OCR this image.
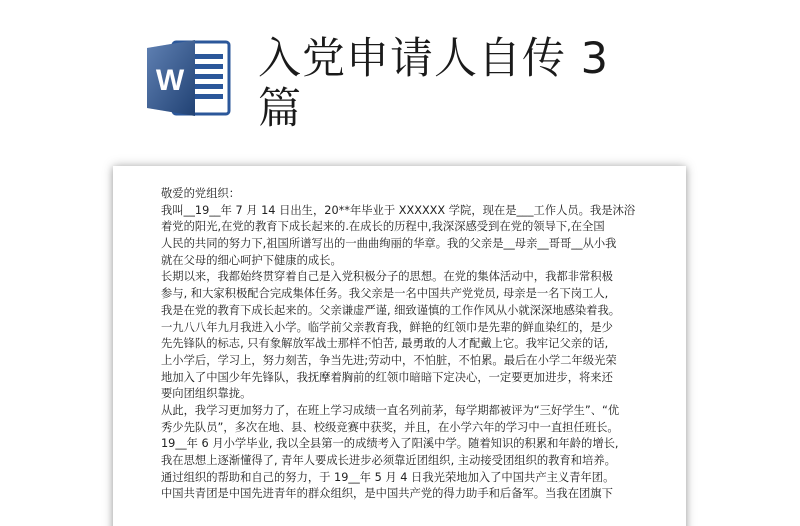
W 入党申请人自传 3
篇
敬爱的党组织：
我叫__19__年 7 月 14 日出生，20**年毕业于 XXXXXX 学院，现在是___工作人员。我是沐浴
着党的阳光,在党的教育下成长起来的.在成长的历程中,我深深感受到在党的领导下,在全国
人民的共同的努力下,祖国所谱写出的一曲曲绚丽的华章。我的父亲是__母亲__哥哥__从小我
就在父母的细心呵护下健康的成长。
长期以来，我都始终贯穿着自己是入党积极分子的思想。在党的集体活动中，我都非常积极
参与, 和大家积极配合完成集体任务。我父亲是一名中国共产党党员, 母亲是一名下岗工人,
我是在党的教育下成长起来的。父亲谦虚严谨, 细致谨慎的工作作风从小就深深地感染着我。
一九八八年九月我进入小学。临学前父亲教育我，鲜艳的红领巾是先辈的鲜血染红的，是少
先先锋队的标志, 只有象解放军战士那样不怕苦, 最勇敢的人才配戴上它。我牢记父亲的话,
上小学后，学习上，努力刻苦，争当先进;劳动中，不怕脏，不怕累。最后在小学二年级光荣
地加入了中国少年先锋队，我抚摩着胸前的红领巾暗暗下定决心，一定要更加进步，将来还
要向团组织靠拢。
从此，我学习更加努力了，在班上学习成绩一直名列前茅，每学期都被评为“三好学生”、“优
秀少先队员”，多次在地、县、校级竞赛中获奖，并且，在小学六年的学习中一直担任班长。
19__年 6 月小学毕业, 我以全县第一的成绩考入了阳溪中学。随着知识的积累和年龄的增长,
我在思想上逐渐懂得了, 青年人要成长进步必须靠近团组织, 主动接受团组织的教育和培养。
通过组织的帮助和自己的努力，于 19__年 5 月 4 日我光荣地加入了中国共产主义青年团。
中国共青团是中国先进青年的群众组织，是中国共产党的得力助手和后备军。当我在团旗下
